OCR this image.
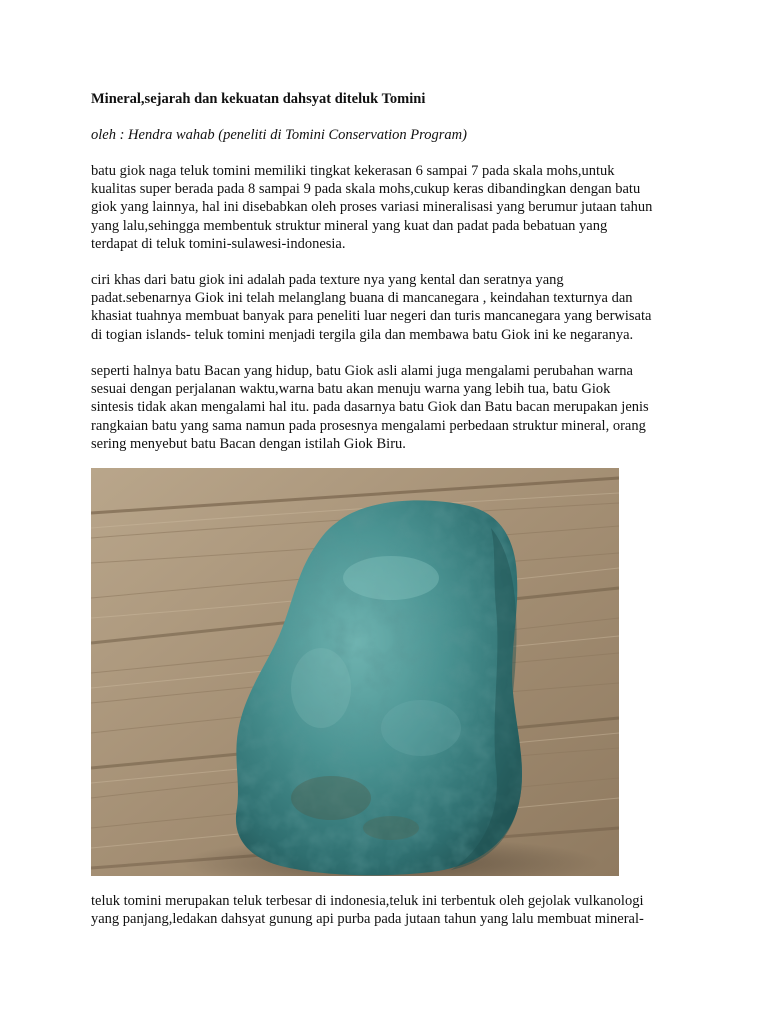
Mineral,sejarah dan kekuatan dahsyat diteluk Tomini

oleh : Hendra wahab (peneliti di Tomini Conservation Program)

batu giok naga teluk tomini memiliki tingkat kekerasan 6 sampai 7 pada skala mohs,untuk
kualitas super berada pada 8 sampai 9 pada skala mohs,cukup keras dibandingkan dengan batu
giok yang lainnya, hal ini disebabkan oleh proses variasi mineralisasi yang berumur jutaan tahun
yang lalu,sehingga membentuk struktur mineral yang kuat dan padat pada bebatuan yang
terdapat di teluk tomini-sulawesi-indonesia.

ciri khas dari batu giok ini adalah pada texture nya yang kental dan seratnya yang
padat.sebenarnya Giok ini telah melanglang buana di mancanegara , keindahan texturnya dan
khasiat tuahnya membuat banyak para peneliti luar negeri dan turis mancanegara yang berwisata
di togian islands- teluk tomini menjadi tergila gila dan membawa batu Giok ini ke negaranya.

seperti halnya batu Bacan yang hidup, batu Giok asli alami juga mengalami perubahan warna
sesuai dengan perjalanan waktu,warna batu akan menuju warna yang lebih tua, batu Giok
sintesis tidak akan mengalami hal itu. pada dasarnya batu Giok dan Batu bacan merupakan jenis
rangkaian batu yang sama namun pada prosesnya mengalami perbedaan struktur mineral, orang
sering menyebut batu Bacan dengan istilah Giok Biru.

teluk tomini merupakan teluk terbesar di indonesia,teluk ini terbentuk oleh gejolak vulkanologi
yang panjang,ledakan dahsyat gunung api purba pada jutaan tahun yang lalu membuat mineral-
